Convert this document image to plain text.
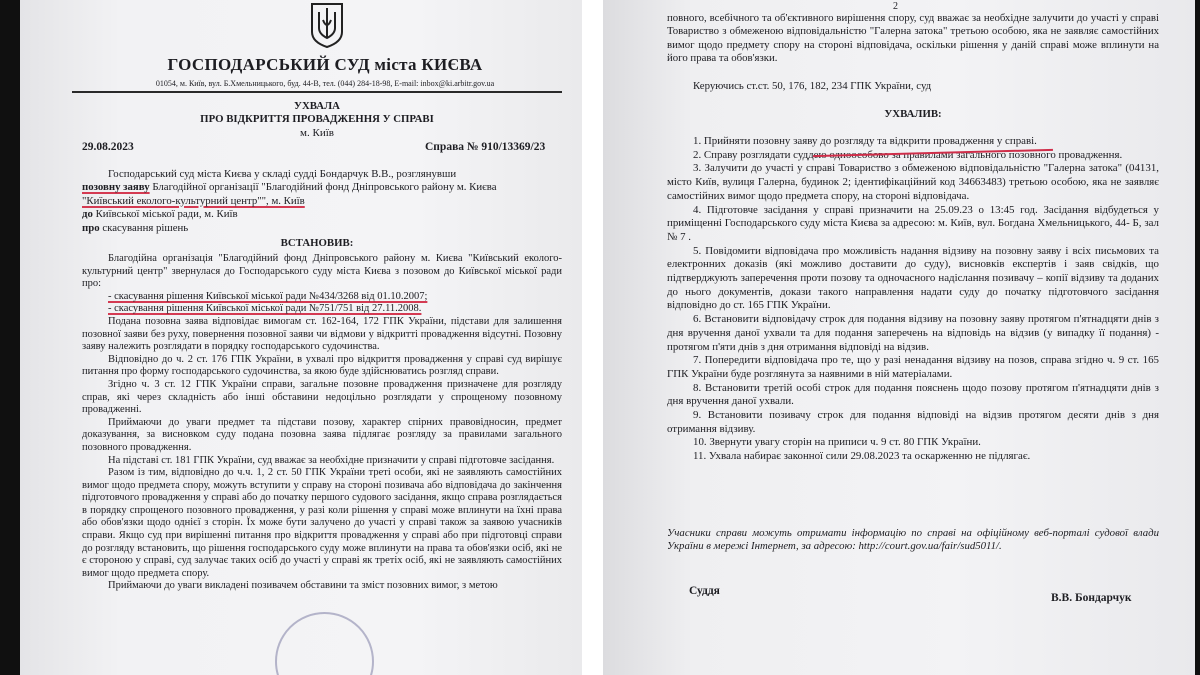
ГОСПОДАРСЬКИЙ СУД міста КИЄВА
01054, м. Київ, вул. Б.Хмельницького, буд. 44-В, тел. (044) 284-18-98, E-mail: inbox@ki.arbitr.gov.ua
УХВАЛА
ПРО ВІДКРИТТЯ ПРОВАДЖЕННЯ У СПРАВІ
м. Київ
29.08.2023	Справа № 910/13369/23

Господарський суд міста Києва у складі судді Бондарчук В.В., розглянувши

позовну заяву Благодійної організації "Благодійний фонд Дніпровського району м. Києва

"Київський еколого-культурний центр"", м. Київ

до Київської міської ради, м. Київ

про скасування рішень

ВСТАНОВИВ:

Благодійна організація "Благодійний фонд Дніпровського району м. Києва "Київський еколого-культурний центр" звернулася до Господарського суду міста Києва з позовом до Київської міської ради про:

- скасування рішення Київської міської ради №434/3268 від 01.10.2007;

- скасування рішення Київської міської ради №751/751 від 27.11.2008.

Подана позовна заява відповідає вимогам ст. 162-164, 172 ГПК України, підстави для залишення позовної заяви без руху, повернення позовної заяви чи відмови у відкритті провадження відсутні. Позовну заяву належить розглядати в порядку господарського судочинства.

Відповідно до ч. 2 ст. 176 ГПК України, в ухвалі про відкриття провадження у справі суд вирішує питання про форму господарського судочинства, за якою буде здійснюватись розгляд справи.

Згідно ч. 3 ст. 12 ГПК України справи, загальне позовне провадження призначене для розгляду справ, які через складність або інші обставини недоцільно розглядати у спрощеному позовному провадженні.

Приймаючи до уваги предмет та підстави позову, характер спірних правовідносин, предмет доказування, за висновком суду подана позовна заява підлягає розгляду за правилами загального позовного провадження.

На підставі ст. 181 ГПК України, суд вважає за необхідне призначити у справі підготовче засідання.

Разом із тим, відповідно до ч.ч. 1, 2 ст. 50 ГПК України треті особи, які не заявляють самостійних вимог щодо предмета спору, можуть вступити у справу на стороні позивача або відповідача до закінчення підготовчого провадження у справі або до початку першого судового засідання, якщо справа розглядається в порядку спрощеного позовного провадження, у разі коли рішення у справі може вплинути на їхні права або обов'язки щодо однієї з сторін. Їх може бути залучено до участі у справі також за заявою учасників справи. Якщо суд при вирішенні питання про відкриття провадження у справі або при підготовці справи до розгляду встановить, що рішення господарського суду може вплинути на права та обов'язки осіб, які не є стороною у справі, суд залучає таких осіб до участі у справі як третіх осіб, які не заявляють самостійних вимог щодо предмета спору.

Приймаючи до уваги викладені позивачем обставини та зміст позовних вимог, з метою

2
повного, всебічного та об'єктивного вирішення спору, суд вважає за необхідне залучити до участі у справі Товариство з обмеженою відповідальністю "Галерна затока" третьою особою, яка не заявляє самостійних вимог щодо предмету спору на стороні відповідача, оскільки рішення у даній справі може вплинути на його права та обов'язки.
Керуючись ст.ст. 50, 176, 182, 234 ГПК України, суд
УХВАЛИВ:

1. Прийняти позовну заяву до розгляду та відкрити провадження у справі.

2. Справу розглядати суддею одноособово за правилами загального позовного провадження.

3. Залучити до участі у справі Товариство з обмеженою відповідальністю "Галерна затока" (04131, місто Київ, вулиця Галерна, будинок 2; ідентифікаційний код 34663483) третьою особою, яка не заявляє самостійних вимог щодо предмета спору, на стороні відповідача.

4. Підготовче засідання у справі призначити на 25.09.23 о 13:45 год. Засідання відбудеться у приміщенні Господарського суду міста Києва за адресою: м. Київ, вул. Богдана Хмельницького, 44- Б, зал № 7 .

5. Повідомити відповідача про можливість надання відзиву на позовну заяву і всіх письмових та електронних доказів (які можливо доставити до суду), висновків експертів і заяв свідків, що підтверджують заперечення проти позову та одночасного надіслання позивачу – копії відзиву та доданих до нього документів, докази такого направлення надати суду до початку підготовчого засідання відповідно до ст. 165 ГПК України.

6. Встановити відповідачу строк для подання відзиву на позовну заяву протягом п'ятнадцяти днів з дня вручення даної ухвали та для подання заперечень на відповідь на відзив (у випадку її подання) - протягом п'яти днів з дня отримання відповіді на відзив.

7. Попередити відповідача про те, що у разі ненадання відзиву на позов, справа згідно ч. 9 ст. 165 ГПК України буде розглянута за наявними в ній матеріалами.

8. Встановити третій особі строк для подання пояснень щодо позову протягом п'ятнадцяти днів з дня вручення даної ухвали.

9. Встановити позивачу строк для подання відповіді на відзив протягом десяти днів з дня отримання відзиву.

10. Звернути увагу сторін на приписи ч. 9 ст. 80 ГПК України.

11. Ухвала набирає законної сили 29.08.2023 та оскарженню не підлягає.

Учасники справи можуть отримати інформацію по справі на офіційному веб-порталі судової влади України в мережі Інтернет, за адресою: http://court.gov.ua/fair/sud5011/.
Суддя
В.В. Бондарчук
